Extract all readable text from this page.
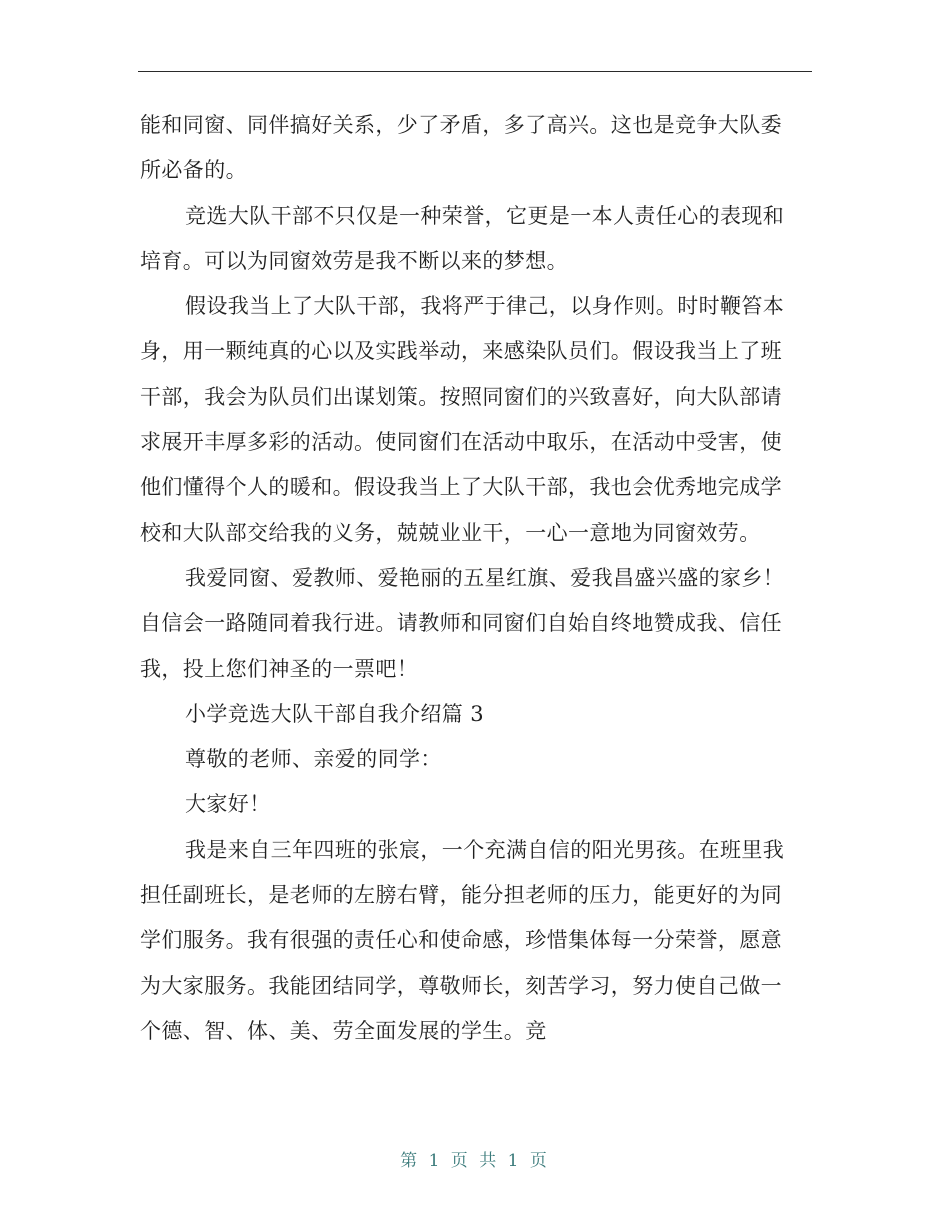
能和同窗、同伴搞好关系，少了矛盾，多了高兴。这也是竞争大队委所必备的。

竞选大队干部不只仅是一种荣誉，它更是一本人责任心的表现和培育。可以为同窗效劳是我不断以来的梦想。

假设我当上了大队干部，我将严于律己，以身作则。时时鞭笞本身，用一颗纯真的心以及实践举动，来感染队员们。假设我当上了班干部，我会为队员们出谋划策。按照同窗们的兴致喜好，向大队部请求展开丰厚多彩的活动。使同窗们在活动中取乐，在活动中受害，使他们懂得个人的暖和。假设我当上了大队干部，我也会优秀地完成学校和大队部交给我的义务，兢兢业业干，一心一意地为同窗效劳。

我爱同窗、爱教师、爱艳丽的五星红旗、爱我昌盛兴盛的家乡！自信会一路随同着我行进。请教师和同窗们自始自终地赞成我、信任我，投上您们神圣的一票吧！

小学竞选大队干部自我介绍篇 3

尊敬的老师、亲爱的同学：

大家好！

我是来自三年四班的张宸，一个充满自信的阳光男孩。在班里我担任副班长，是老师的左膀右臂，能分担老师的压力，能更好的为同学们服务。我有很强的责任心和使命感，珍惜集体每一分荣誉，愿意为大家服务。我能团结同学，尊敬师长，刻苦学习，努力使自己做一个德、智、体、美、劳全面发展的学生。竞

第 1 页 共 1 页
